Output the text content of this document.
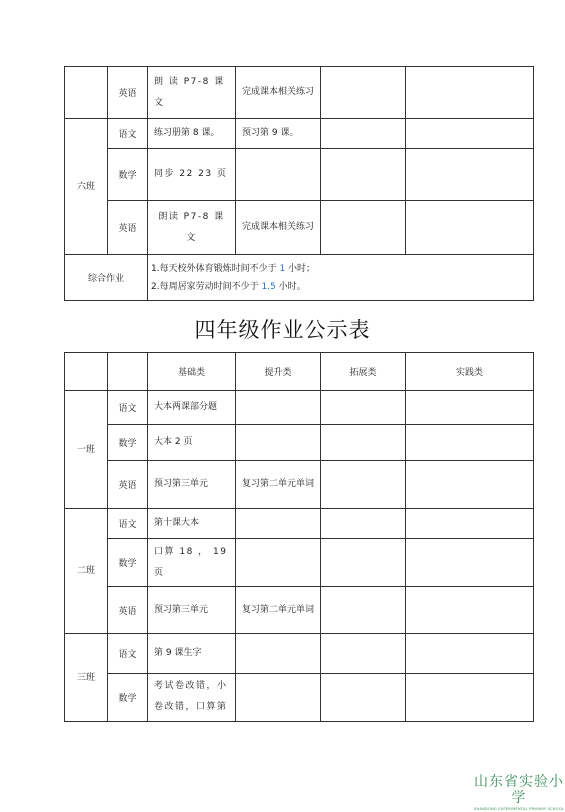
	英语	朗 读 P7-8 课文	完成课本相关练习		
六班	语文	练习册第 8 课。	预习第 9 课。		
	数学	同步 22 23 页			
	英语	朗读 P7-8 课文	完成课本相关练习		
综合作业		1.每天校外体育锻炼时间不少于 1 小时；
2.每周居家劳动时间不少于 1.5 小时。			
四年级作业公示表
		基础类	提升类	拓展类	实践类
一班	语文	大本两课部分题			
	数学	大本 2 页			
	英语	预习第三单元	复习第二单元单词		
二班	语文	第十课大本			
	数学	口算 18 ， 19 页			
	英语	预习第三单元	复习第二单元单词		
三班	语文	第 9 课生字			
	数学	考试卷改错，小卷改错，口算第			
山东省实验小学
SHANDONG EXPERIMENTAL PRIMARY SCHOOL
